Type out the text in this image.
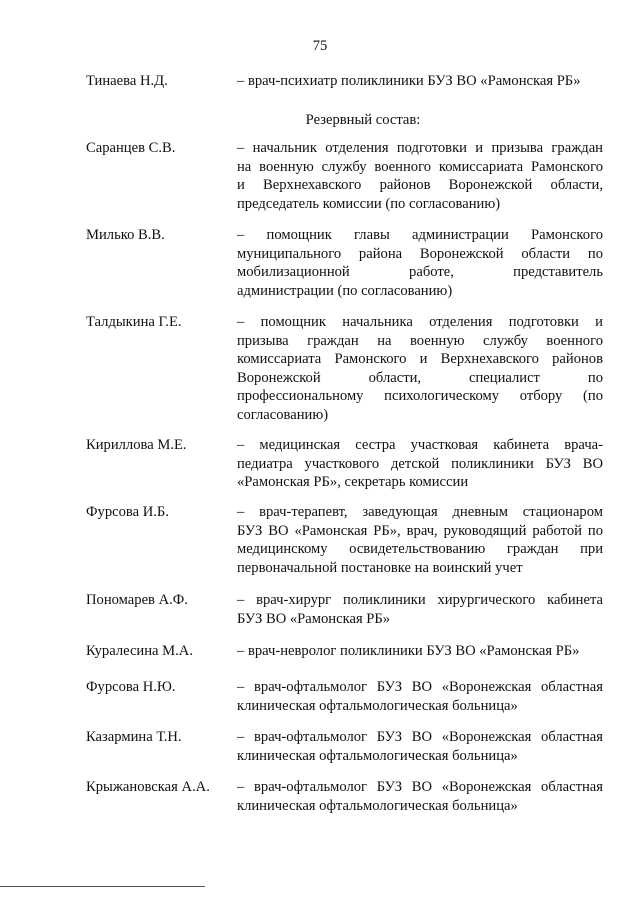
75
Тинаева Н.Д.	– врач-психиатр поликлиники БУЗ ВО «Рамонская РБ»
Резервный состав:
Саранцев С.В.	– начальник отделения подготовки и призыва граждан
на военную службу военного комиссариата Рамонского
и Верхнехавского районов Воронежской области,
председатель комиссии (по согласованию)
Милько В.В.	– помощник главы администрации Рамонского
муниципального района Воронежской области по
мобилизационной работе, представитель
администрации (по согласованию)
Талдыкина Г.Е.	– помощник начальника отделения подготовки и
призыва граждан на военную службу военного
комиссариата Рамонского и Верхнехавского районов
Воронежской области, специалист по
профессиональному психологическому отбору (по
согласованию)
Кириллова М.Е.	– медицинская сестра участковая кабинета врача-
педиатра участкового детской поликлиники БУЗ ВО
«Рамонская РБ», секретарь комиссии
Фурсова И.Б.	– врач-терапевт, заведующая дневным стационаром
БУЗ ВО «Рамонская РБ», врач, руководящий работой по
медицинскому освидетельствованию граждан при
первоначальной постановке на воинский учет
Пономарев А.Ф.	– врач-хирург поликлиники хирургического кабинета
БУЗ ВО «Рамонская РБ»
Куралесина М.А.	– врач-невролог поликлиники БУЗ ВО «Рамонская РБ»
Фурсова Н.Ю.	– врач-офтальмолог БУЗ ВО «Воронежская областная
клиническая офтальмологическая больница»
Казармина Т.Н.	– врач-офтальмолог БУЗ ВО «Воронежская областная
клиническая офтальмологическая больница»
Крыжановская А.А. – врач-офтальмолог БУЗ ВО «Воронежская областная
клиническая офтальмологическая больница»
